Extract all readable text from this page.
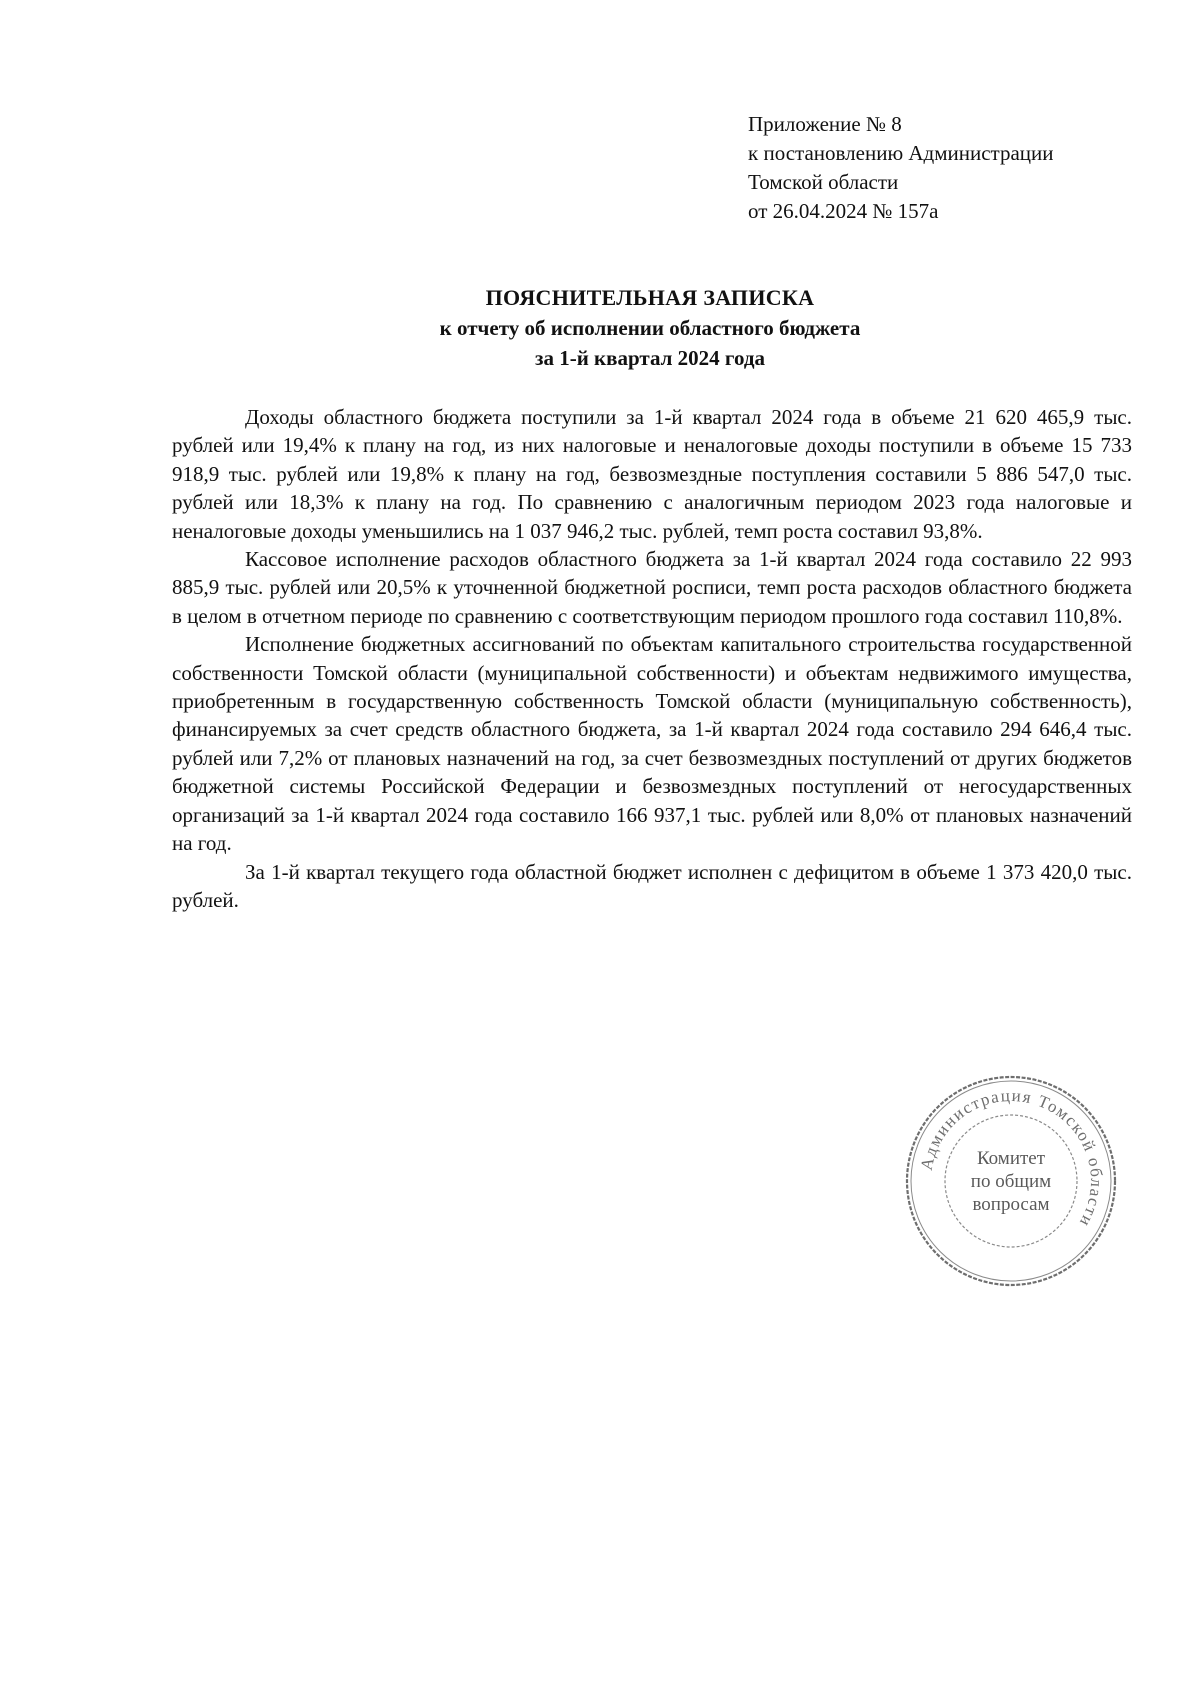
Приложение № 8
к постановлению Администрации
Томской области
от 26.04.2024 № 157а
ПОЯСНИТЕЛЬНАЯ ЗАПИСКА
к отчету об исполнении областного бюджета
за 1-й квартал 2024 года

Доходы областного бюджета поступили за 1-й квартал 2024 года в объеме 21 620 465,9 тыс. рублей или 19,4% к плану на год, из них налоговые и неналоговые доходы поступили в объеме 15 733 918,9 тыс. рублей или 19,8% к плану на год, безвозмездные поступления составили 5 886 547,0 тыс. рублей или 18,3% к плану на год. По сравнению с аналогичным периодом 2023 года налоговые и неналоговые доходы уменьшились на 1 037 946,2 тыс. рублей, темп роста составил 93,8%.

Кассовое исполнение расходов областного бюджета за 1-й квартал 2024 года составило 22 993 885,9 тыс. рублей или 20,5% к уточненной бюджетной росписи, темп роста расходов областного бюджета в целом в отчетном периоде по сравнению с соответствующим периодом прошлого года составил 110,8%.

Исполнение бюджетных ассигнований по объектам капитального строительства государственной собственности Томской области (муниципальной собственности) и объектам недвижимого имущества, приобретенным в государственную собственность Томской области (муниципальную собственность), финансируемых за счет средств областного бюджета, за 1-й квартал 2024 года составило 294 646,4 тыс. рублей или 7,2% от плановых назначений на год, за счет безвозмездных поступлений от других бюджетов бюджетной системы Российской Федерации и безвозмездных поступлений от негосударственных организаций за 1-й квартал 2024 года составило 166 937,1 тыс. рублей или 8,0% от плановых назначений на год.

За 1-й квартал текущего года областной бюджет исполнен с дефицитом в объеме 1 373 420,0 тыс. рублей.

Администрация Томской области
Комитет
по общим
вопросам
